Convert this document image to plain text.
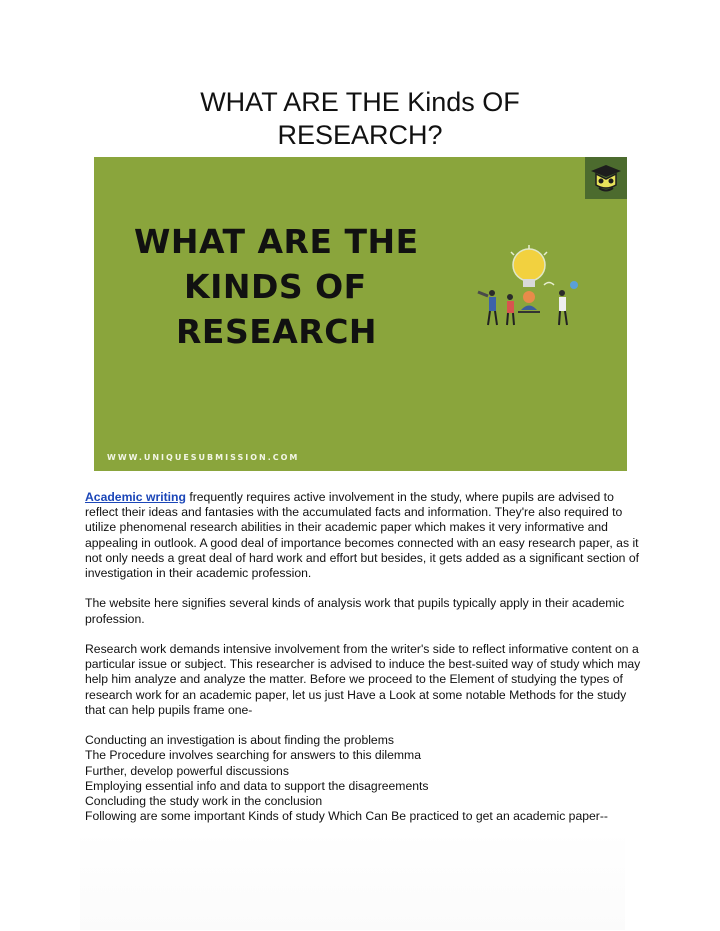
WHAT ARE THE Kinds OF
RESEARCH?
WHAT ARE THE
KINDS OF
RESEARCH
WWW.UNIQUESUBMISSION.COM

Academic writing frequently requires active involvement in the study, where pupils are advised to reflect their ideas and fantasies with the accumulated facts and information. They're also required to utilize phenomenal research abilities in their academic paper which makes it very informative and appealing in outlook. A good deal of importance becomes connected with an easy research paper, as it not only needs a great deal of hard work and effort but besides, it gets added as a significant section of investigation in their academic profession.

The website here signifies several kinds of analysis work that pupils typically apply in their academic profession.

Research work demands intensive involvement from the writer's side to reflect informative content on a particular issue or subject. This researcher is advised to induce the best-suited way of study which may help him analyze and analyze the matter. Before we proceed to the Element of studying the types of research work for an academic paper, let us just Have a Look at some notable Methods for the study that can help pupils frame one-

Conducting an investigation is about finding the problems
The Procedure involves searching for answers to this dilemma
Further, develop powerful discussions
Employing essential info and data to support the disagreements
Concluding the study work in the conclusion
Following are some important Kinds of study Which Can Be practiced to get an academic paper--
